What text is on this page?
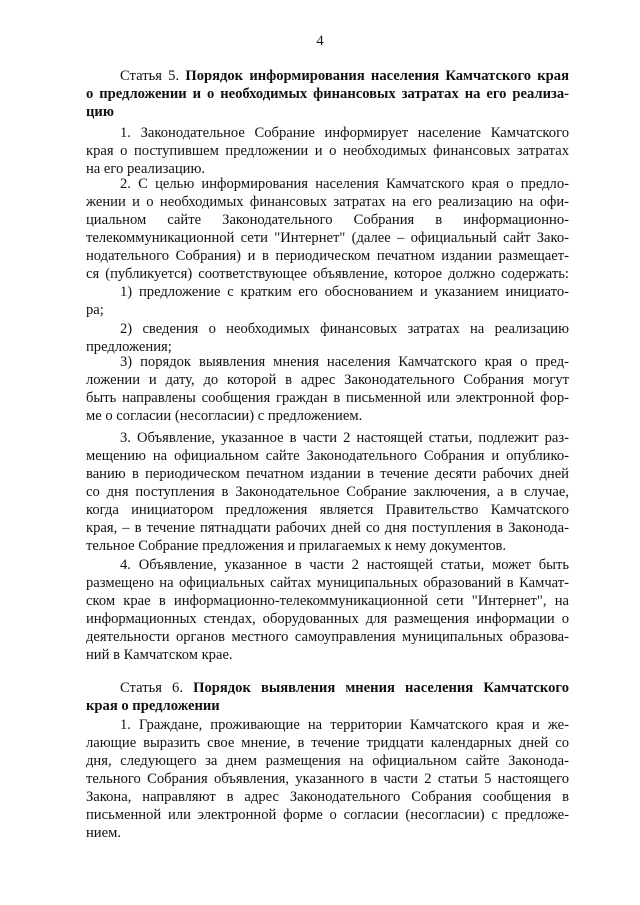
4
Статья 5. Порядок информирования населения Камчатского края
о предложении и о необходимых финансовых затратах на его реализа-
цию
1. Законодательное Собрание информирует население Камчатского
края о поступившем предложении и о необходимых финансовых затратах
на его реализацию.
2. С целью информирования населения Камчатского края о предло-
жении и о необходимых финансовых затратах на его реализацию на офи-
циальном сайте Законодательного Собрания в информационно-
телекоммуникационной сети "Интернет" (далее – официальный сайт Зако-
нодательного Собрания) и в периодическом печатном издании размещает-
ся (публикуется) соответствующее объявление, которое должно содержать:
1) предложение с кратким его обоснованием и указанием инициато-
ра;
2) сведения о необходимых финансовых затратах на реализацию
предложения;
3) порядок выявления мнения населения Камчатского края о пред-
ложении и дату, до которой в адрес Законодательного Собрания могут
быть направлены сообщения граждан в письменной или электронной фор-
ме о согласии (несогласии) с предложением.
3. Объявление, указанное в части 2 настоящей статьи, подлежит раз-
мещению на официальном сайте Законодательного Собрания и опублико-
ванию в периодическом печатном издании в течение десяти рабочих дней
со дня поступления в Законодательное Собрание заключения, а в случае,
когда инициатором предложения является Правительство Камчатского
края, – в течение пятнадцати рабочих дней со дня поступления в Законода-
тельное Собрание предложения и прилагаемых к нему документов.
4. Объявление, указанное в части 2 настоящей статьи, может быть
размещено на официальных сайтах муниципальных образований в Камчат-
ском крае в информационно-телекоммуникационной сети "Интернет", на
информационных стендах, оборудованных для размещения информации о
деятельности органов местного самоуправления муниципальных образова-
ний в Камчатском крае.
Статья 6. Порядок выявления мнения населения Камчатского
края о предложении
1. Граждане, проживающие на территории Камчатского края и же-
лающие выразить свое мнение, в течение тридцати календарных дней со
дня, следующего за днем размещения на официальном сайте Законода-
тельного Собрания объявления, указанного в части 2 статьи 5 настоящего
Закона, направляют в адрес Законодательного Собрания сообщения в
письменной или электронной форме о согласии (несогласии) с предложе-
нием.
